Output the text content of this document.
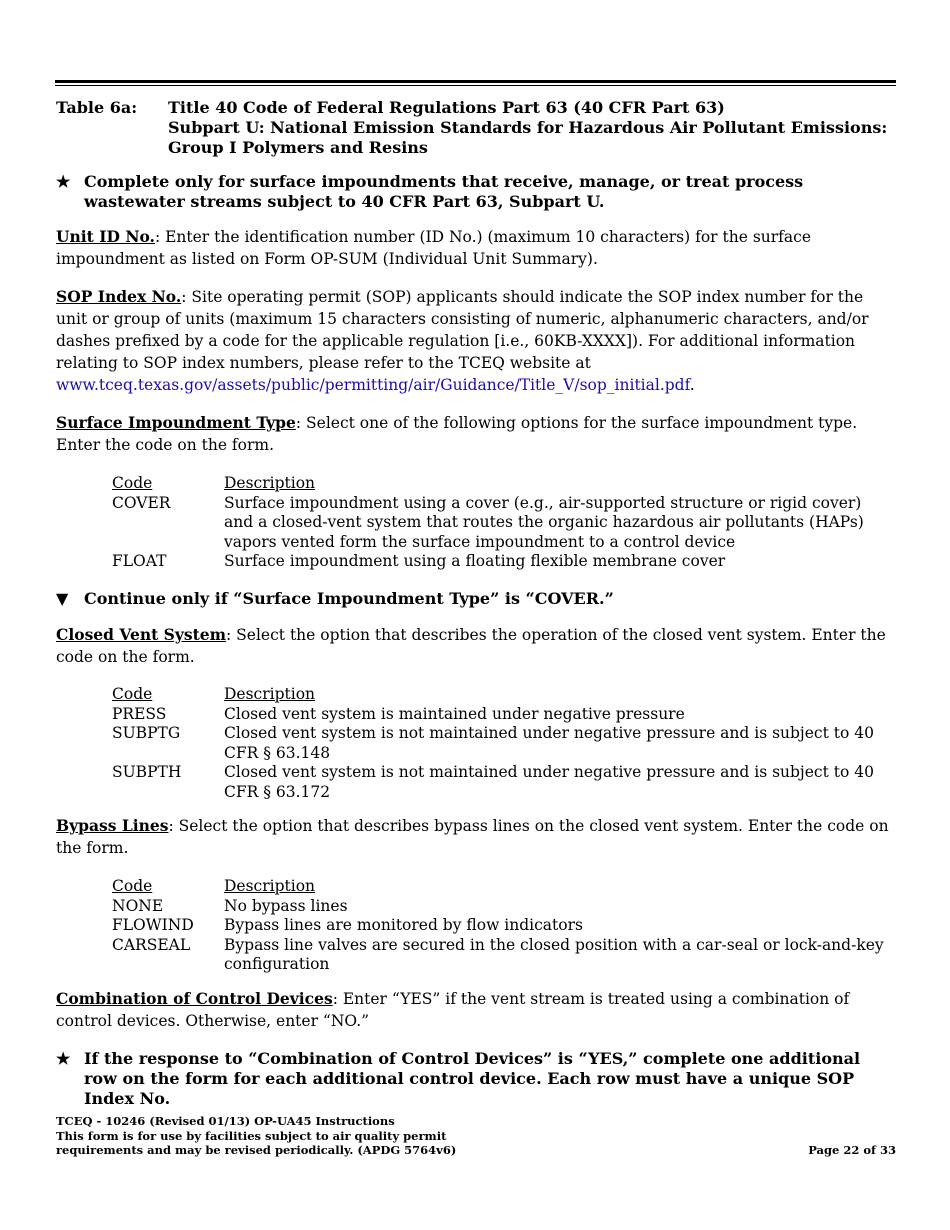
Table 6a: Title 40 Code of Federal Regulations Part 63 (40 CFR Part 63)
Subpart U: National Emission Standards for Hazardous Air Pollutant Emissions:
Group I Polymers and Resins
★ Complete only for surface impoundments that receive, manage, or treat process wastewater streams subject to 40 CFR Part 63, Subpart U.
Unit ID No.: Enter the identification number (ID No.) (maximum 10 characters) for the surface impoundment as listed on Form OP-SUM (Individual Unit Summary).
SOP Index No.: Site operating permit (SOP) applicants should indicate the SOP index number for the unit or group of units (maximum 15 characters consisting of numeric, alphanumeric characters, and/or dashes prefixed by a code for the applicable regulation [i.e., 60KB-XXXX]). For additional information relating to SOP index numbers, please refer to the TCEQ website at
www.tceq.texas.gov/assets/public/permitting/air/Guidance/Title_V/sop_initial.pdf.
Surface Impoundment Type: Select one of the following options for the surface impoundment type. Enter the code on the form.
Code	Description
COVER	Surface impoundment using a cover (e.g., air-supported structure or rigid cover) and a closed-vent system that routes the organic hazardous air pollutants (HAPs) vapors vented form the surface impoundment to a control device
FLOAT	Surface impoundment using a floating flexible membrane cover
▼ Continue only if “Surface Impoundment Type” is “COVER.”
Closed Vent System: Select the option that describes the operation of the closed vent system. Enter the code on the form.
Code	Description
PRESS	Closed vent system is maintained under negative pressure
SUBPTG	Closed vent system is not maintained under negative pressure and is subject to 40 CFR § 63.148
SUBPTH	Closed vent system is not maintained under negative pressure and is subject to 40 CFR § 63.172
Bypass Lines: Select the option that describes bypass lines on the closed vent system. Enter the code on the form.
Code	Description
NONE	No bypass lines
FLOWIND	Bypass lines are monitored by flow indicators
CARSEAL	Bypass line valves are secured in the closed position with a car-seal or lock-and-key configuration
Combination of Control Devices: Enter “YES” if the vent stream is treated using a combination of control devices. Otherwise, enter “NO.”
★ If the response to “Combination of Control Devices” is “YES,” complete one additional row on the form for each additional control device. Each row must have a unique SOP Index No.
TCEQ - 10246 (Revised 01/13) OP-UA45 Instructions
This form is for use by facilities subject to air quality permit
requirements and may be revised periodically. (APDG 5764v6)	Page 22 of 33
